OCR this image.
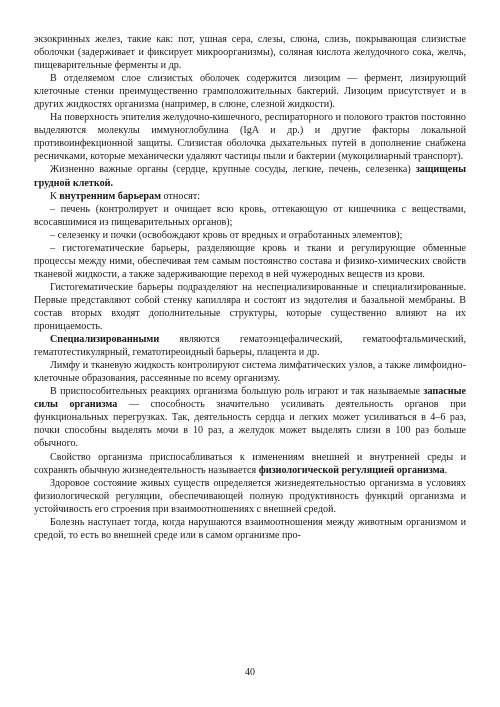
экзокринных желез, такие как: пот, ушная сера, слезы, слюна, слизь, покрывающая слизистые оболочки (задерживает и фиксирует микроорганизмы), соляная кислота желудочного сока, желчь, пищеварительные ферменты и др.

В отделяемом слое слизистых оболочек содержится лизоцим — фермент, лизирующий клеточные стенки преимущественно грамположительных бактерий. Лизоцим присутствует и в других жидкостях организма (например, в слюне, слезной жидкости).

На поверхность эпителия желудочно-кишечного, респираторного и полового трактов постоянно выделяются молекулы иммуноглобулина (IgA и др.) и другие факторы локальной противоинфекционной защиты. Слизистая оболочка дыхательных путей в дополнение снабжена ресничками, которые механически удаляют частицы пыли и бактерии (мукоцилиарный транспорт).

Жизненно важные органы (сердце, крупные сосуды, легкие, печень, селезенка) защищены грудной клеткой.

К внутренним барьерам относят:

– печень (контролирует и очищает всю кровь, оттекающую от кишечника с веществами, всосавшимися из пищеварительных органов);

– селезенку и почки (освобождают кровь от вредных и отработанных элементов);

– гистогематические барьеры, разделяющие кровь и ткани и регулирующие обменные процессы между ними, обеспечивая тем самым постоянство состава и физико-химических свойств тканевой жидкости, а также задерживающие переход в ней чужеродных веществ из крови.

Гистогематические барьеры подразделяют на неспециализированные и специализированные. Первые представляют собой стенку капилляра и состоят из эндотелия и базальной мембраны. В состав вторых входят дополнительные структуры, которые существенно влияют на их проницаемость.

Специализированными являются гематоэнцефалический, гематоофтальмический, гематотестикулярный, гематотиреоидный барьеры, плацента и др.

Лимфу и тканевую жидкость контролируют система лимфатических узлов, а также лимфоидно-клеточные образования, рассеянные по всему организму.

В приспособительных реакциях организма большую роль играют и так называемые запасные силы организма — способность значительно усиливать деятельность органов при функциональных перегрузках. Так, деятельность сердца и легких может усиливаться в 4–6 раз, почки способны выделять мочи в 10 раз, а желудок может выделять слизи в 100 раз больше обычного.

Свойство организма приспосабливаться к изменениям внешней и внутренней среды и сохранять обычную жизнедеятельность называется физиологической регуляцией организма.

Здоровое состояние живых существ определяется жизнедеятельностью организма в условиях физиологической регуляции, обеспечивающей полную продуктивность функций организма и устойчивость его строения при взаимоотношениях с внешней средой.

Болезнь наступает тогда, когда нарушаются взаимоотношения между животным организмом и средой, то есть во внешней среде или в самом организме про-

40
